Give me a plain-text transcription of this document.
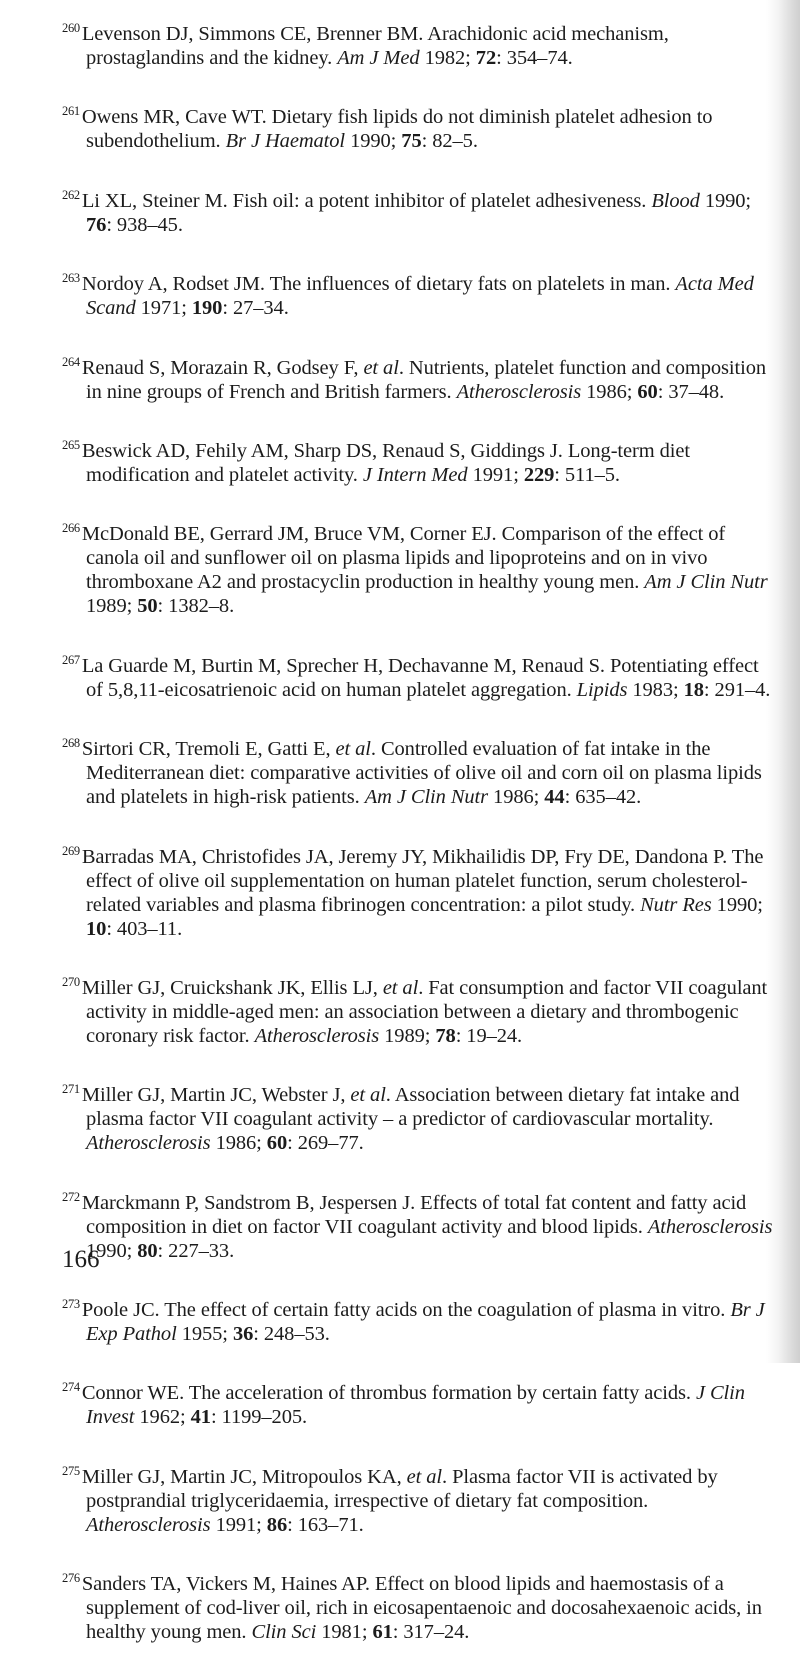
$^{260}$Levenson DJ, Simmons CE, Brenner BM. Arachidonic acid mechanism, prostaglandins and the kidney. Am J Med 1982; 72: 354–74.

$^{261}$Owens MR, Cave WT. Dietary fish lipids do not diminish platelet adhesion to subendothelium. Br J Haematol 1990; 75: 82–5.

$^{262}$Li XL, Steiner M. Fish oil: a potent inhibitor of platelet adhesiveness. Blood 1990; 76: 938–45.

$^{263}$Nordoy A, Rodset JM. The influences of dietary fats on platelets in man. Acta Med Scand 1971; 190: 27–34.

$^{264}$Renaud S, Morazain R, Godsey F, et al. Nutrients, platelet function and composition in nine groups of French and British farmers. Atherosclerosis 1986; 60: 37–48.

$^{265}$Beswick AD, Fehily AM, Sharp DS, Renaud S, Giddings J. Long-term diet modification and platelet activity. J Intern Med 1991; 229: 511–5.

$^{266}$McDonald BE, Gerrard JM, Bruce VM, Corner EJ. Comparison of the effect of canola oil and sunflower oil on plasma lipids and lipoproteins and on in vivo thromboxane A2 and prostacyclin production in healthy young men. Am J Clin Nutr 1989; 50: 1382–8.

$^{267}$La Guarde M, Burtin M, Sprecher H, Dechavanne M, Renaud S. Potentiating effect of 5,8,11-eicosatrienoic acid on human platelet aggregation. Lipids 1983; 18: 291–4.

$^{268}$Sirtori CR, Tremoli E, Gatti E, et al. Controlled evaluation of fat intake in the Mediterranean diet: comparative activities of olive oil and corn oil on plasma lipids and platelets in high-risk patients. Am J Clin Nutr 1986; 44: 635–42.

$^{269}$Barradas MA, Christofides JA, Jeremy JY, Mikhailidis DP, Fry DE, Dandona P. The effect of olive oil supplementation on human platelet function, serum cholesterol-related variables and plasma fibrinogen concentration: a pilot study. Nutr Res 1990; 10: 403–11.

$^{270}$Miller GJ, Cruickshank JK, Ellis LJ, et al. Fat consumption and factor VII coagulant activity in middle-aged men: an association between a dietary and thrombogenic coronary risk factor. Atherosclerosis 1989; 78: 19–24.

$^{271}$Miller GJ, Martin JC, Webster J, et al. Association between dietary fat intake and plasma factor VII coagulant activity – a predictor of cardiovascular mortality. Atherosclerosis 1986; 60: 269–77.

$^{272}$Marckmann P, Sandstrom B, Jespersen J. Effects of total fat content and fatty acid composition in diet on factor VII coagulant activity and blood lipids. Atherosclerosis 1990; 80: 227–33.

$^{273}$Poole JC. The effect of certain fatty acids on the coagulation of plasma in vitro. Br J Exp Pathol 1955; 36: 248–53.

$^{274}$Connor WE. The acceleration of thrombus formation by certain fatty acids. J Clin Invest 1962; 41: 1199–205.

$^{275}$Miller GJ, Martin JC, Mitropoulos KA, et al. Plasma factor VII is activated by postprandial triglyceridaemia, irrespective of dietary fat composition. Atherosclerosis 1991; 86: 163–71.

$^{276}$Sanders TA, Vickers M, Haines AP. Effect on blood lipids and haemostasis of a supplement of cod-liver oil, rich in eicosapentaenoic and docosahexaenoic acids, in healthy young men. Clin Sci 1981; 61: 317–24.

166
